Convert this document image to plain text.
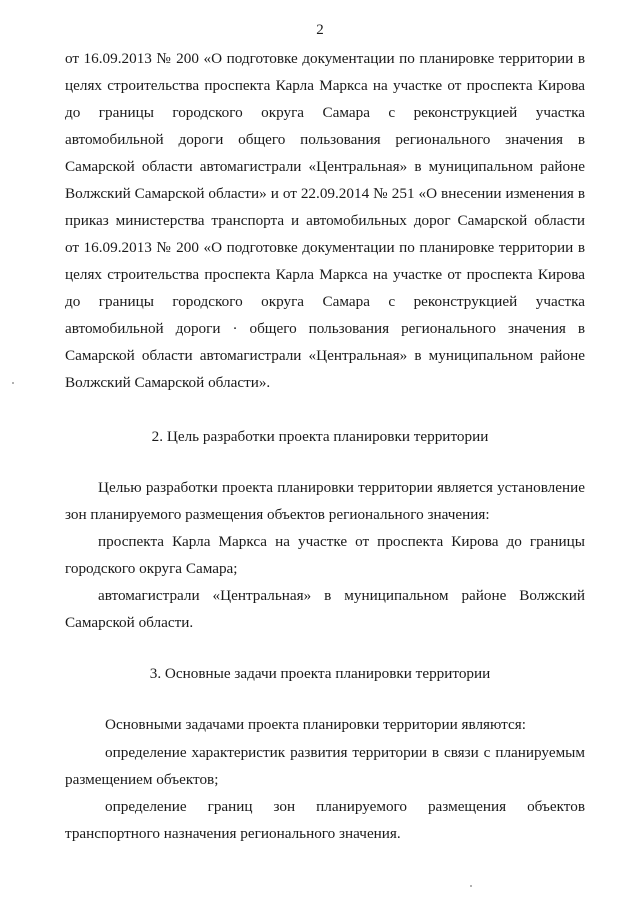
2
от 16.09.2013 № 200 «О подготовке документации по планировке территории в
целях строительства проспекта Карла Маркса на участке от проспекта Кирова
до границы городского округа Самара с реконструкцией участка
автомобильной дороги общего пользования регионального значения в
Самарской области автомагистрали «Центральная» в муниципальном районе
Волжский Самарской области» и от 22.09.2014 № 251 «О внесении изменения в
приказ министерства транспорта и автомобильных дорог Самарской области
от 16.09.2013 № 200 «О подготовке документации по планировке территории в
целях строительства проспекта Карла Маркса на участке от проспекта Кирова
до границы городского округа Самара с реконструкцией участка
автомобильной дороги · общего пользования регионального значения в
Самарской области автомагистрали «Центральная» в муниципальном районе
Волжский Самарской области».
2. Цель разработки проекта планировки территории
Целью разработки проекта планировки территории является установление
зон планируемого размещения объектов регионального значения:
проспекта Карла Маркса на участке от проспекта Кирова до границы
городского округа Самара;
автомагистрали «Центральная» в муниципальном районе Волжский
Самарской области.
3. Основные задачи проекта планировки территории
Основными задачами проекта планировки территории являются:
определение характеристик развития территории в связи с планируемым
размещением объектов;
определение границ зон планируемого размещения объектов
транспортного назначения регионального значения.
